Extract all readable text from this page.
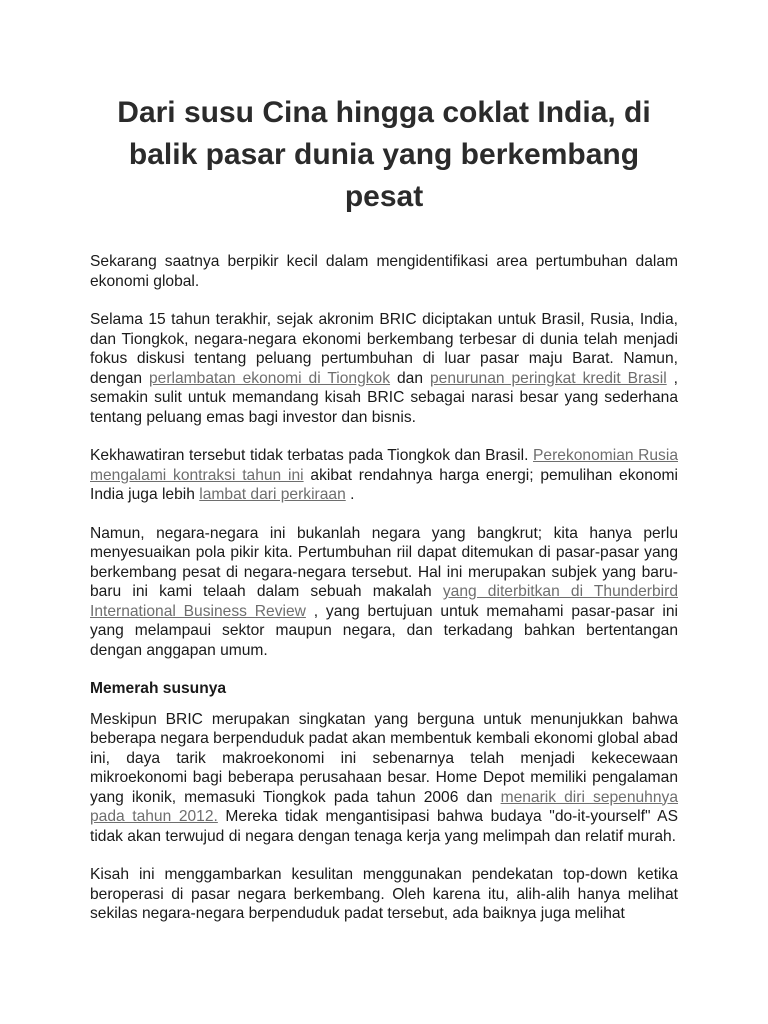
Dari susu Cina hingga coklat India, di balik pasar dunia yang berkembang pesat

Sekarang saatnya berpikir kecil dalam mengidentifikasi area pertumbuhan dalam ekonomi global.

Selama 15 tahun terakhir, sejak akronim BRIC diciptakan untuk Brasil, Rusia, India, dan Tiongkok, negara-negara ekonomi berkembang terbesar di dunia telah menjadi fokus diskusi tentang peluang pertumbuhan di luar pasar maju Barat. Namun, dengan perlambatan ekonomi di Tiongkok dan penurunan peringkat kredit Brasil , semakin sulit untuk memandang kisah BRIC sebagai narasi besar yang sederhana tentang peluang emas bagi investor dan bisnis.

Kekhawatiran tersebut tidak terbatas pada Tiongkok dan Brasil. Perekonomian Rusia mengalami kontraksi tahun ini akibat rendahnya harga energi; pemulihan ekonomi India juga lebih lambat dari perkiraan .

Namun, negara-negara ini bukanlah negara yang bangkrut; kita hanya perlu menyesuaikan pola pikir kita. Pertumbuhan riil dapat ditemukan di pasar-pasar yang berkembang pesat di negara-negara tersebut. Hal ini merupakan subjek yang baru-baru ini kami telaah dalam sebuah makalah yang diterbitkan di Thunderbird International Business Review , yang bertujuan untuk memahami pasar-pasar ini yang melampaui sektor maupun negara, dan terkadang bahkan bertentangan dengan anggapan umum.

Memerah susunya

Meskipun BRIC merupakan singkatan yang berguna untuk menunjukkan bahwa beberapa negara berpenduduk padat akan membentuk kembali ekonomi global abad ini, daya tarik makroekonomi ini sebenarnya telah menjadi kekecewaan mikroekonomi bagi beberapa perusahaan besar. Home Depot memiliki pengalaman yang ikonik, memasuki Tiongkok pada tahun 2006 dan menarik diri sepenuhnya pada tahun 2012. Mereka tidak mengantisipasi bahwa budaya "do-it-yourself" AS tidak akan terwujud di negara dengan tenaga kerja yang melimpah dan relatif murah.

Kisah ini menggambarkan kesulitan menggunakan pendekatan top-down ketika beroperasi di pasar negara berkembang. Oleh karena itu, alih-alih hanya melihat sekilas negara-negara berpenduduk padat tersebut, ada baiknya juga melihat
